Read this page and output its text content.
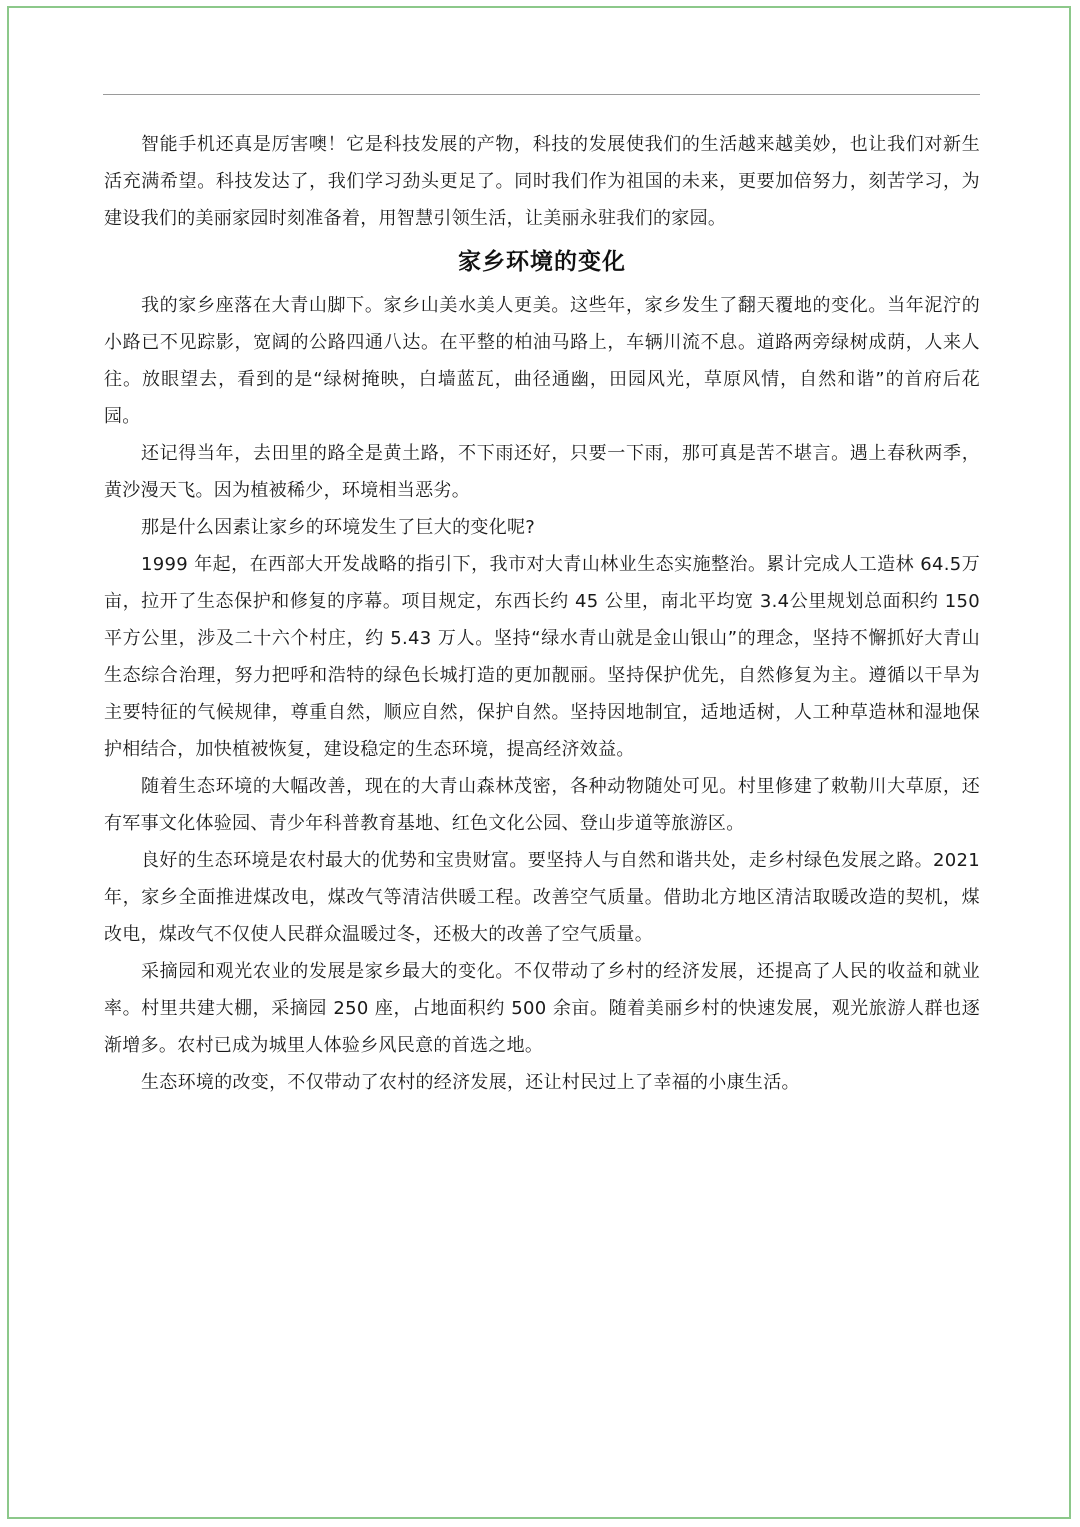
智能手机还真是厉害噢！它是科技发展的产物，科技的发展使我们的生活越来越美妙，也让我们对新生活充满希望。科技发达了，我们学习劲头更足了。同时我们作为祖国的未来，更要加倍努力，刻苦学习，为建设我们的美丽家园时刻准备着，用智慧引领生活，让美丽永驻我们的家园。

家乡环境的变化

我的家乡座落在大青山脚下。家乡山美水美人更美。这些年，家乡发生了翻天覆地的变化。当年泥泞的小路已不见踪影，宽阔的公路四通八达。在平整的柏油马路上，车辆川流不息。道路两旁绿树成荫，人来人往。放眼望去，看到的是“绿树掩映，白墙蓝瓦，曲径通幽，田园风光，草原风情，自然和谐”的首府后花园。

还记得当年，去田里的路全是黄土路，不下雨还好，只要一下雨，那可真是苦不堪言。遇上春秋两季，黄沙漫天飞。因为植被稀少，环境相当恶劣。

那是什么因素让家乡的环境发生了巨大的变化呢?

1999 年起，在西部大开发战略的指引下，我市对大青山林业生态实施整治。累计完成人工造林 64.5万亩，拉开了生态保护和修复的序幕。项目规定，东西长约 45 公里，南北平均宽 3.4公里规划总面积约 150 平方公里，涉及二十六个村庄，约 5.43 万人。坚持“绿水青山就是金山银山”的理念，坚持不懈抓好大青山生态综合治理，努力把呼和浩特的绿色长城打造的更加靓丽。坚持保护优先，自然修复为主。遵循以干旱为主要特征的气候规律，尊重自然，顺应自然，保护自然。坚持因地制宜，适地适树，人工种草造林和湿地保护相结合，加快植被恢复，建设稳定的生态环境，提高经济效益。

随着生态环境的大幅改善，现在的大青山森林茂密，各种动物随处可见。村里修建了敕勒川大草原，还有军事文化体验园、青少年科普教育基地、红色文化公园、登山步道等旅游区。

良好的生态环境是农村最大的优势和宝贵财富。要坚持人与自然和谐共处，走乡村绿色发展之路。2021 年，家乡全面推进煤改电，煤改气等清洁供暖工程。改善空气质量。借助北方地区清洁取暖改造的契机，煤改电，煤改气不仅使人民群众温暖过冬，还极大的改善了空气质量。

采摘园和观光农业的发展是家乡最大的变化。不仅带动了乡村的经济发展，还提高了人民的收益和就业率。村里共建大棚，采摘园 250 座，占地面积约 500 余亩。随着美丽乡村的快速发展，观光旅游人群也逐渐增多。农村已成为城里人体验乡风民意的首选之地。

生态环境的改变，不仅带动了农村的经济发展，还让村民过上了幸福的小康生活。
